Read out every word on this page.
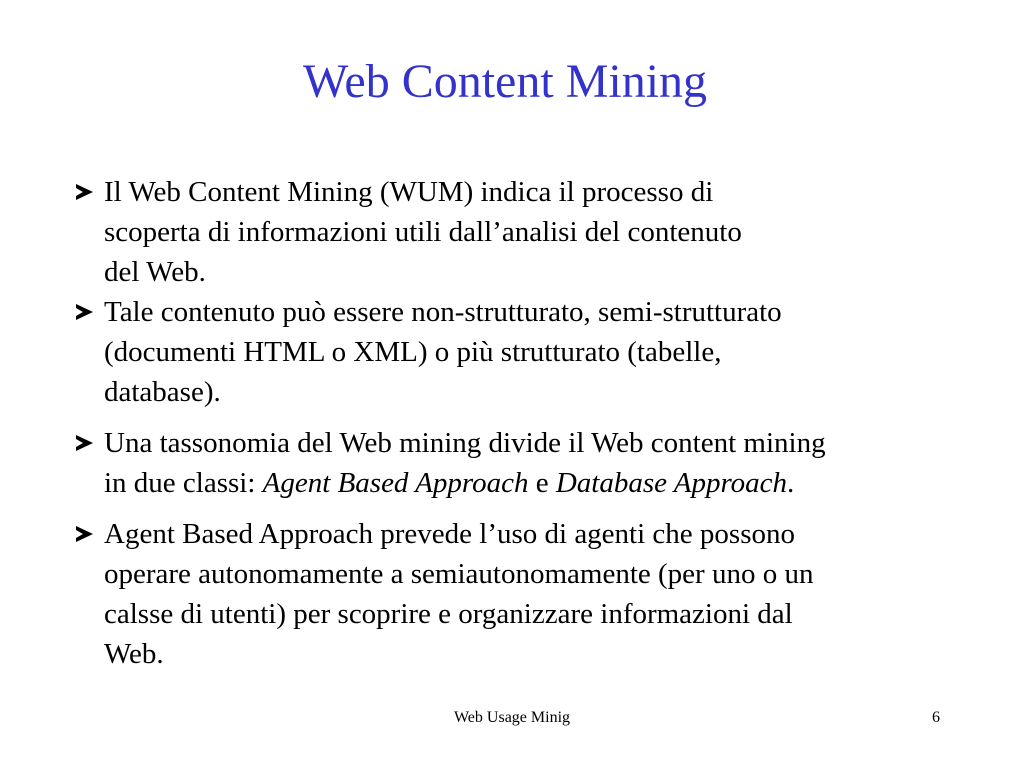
Web Content Mining
Il Web Content Mining (WUM) indica il processo di
scoperta di informazioni utili dall’analisi del contenuto
del Web.
Tale contenuto può essere non-strutturato, semi-strutturato
(documenti HTML o XML) o più strutturato (tabelle,
database).
Una tassonomia del Web mining divide il Web content mining
in due classi: Agent Based Approach e Database Approach.
Agent Based Approach prevede l’uso di agenti che possono
operare autonomamente a semiautonomamente (per uno o un
calsse di utenti) per scoprire e organizzare informazioni dal
Web.
Web Usage Minig	6
